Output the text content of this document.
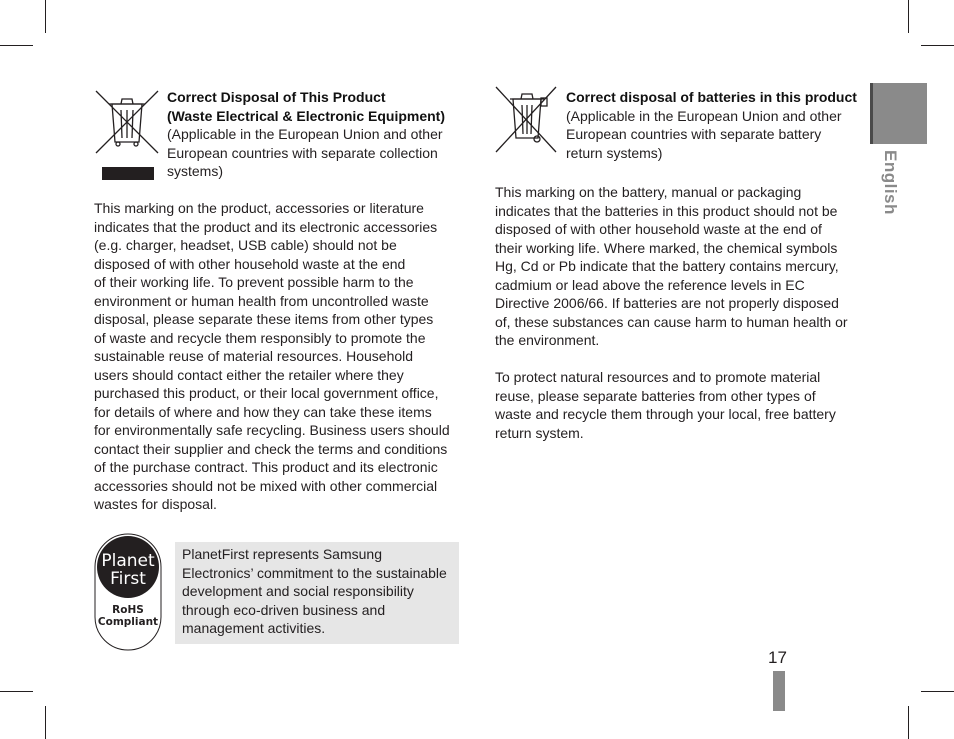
Correct Disposal of This Product

(Waste Electrical & Electronic Equipment)

(Applicable in the European Union and other
European countries with separate collection
systems)

This marking on the product, accessories or literature
indicates that the product and its electronic accessories
(e.g. charger, headset, USB cable) should not be
disposed of with other household waste at the end
of their working life. To prevent possible harm to the
environment or human health from uncontrolled waste
disposal, please separate these items from other types
of waste and recycle them responsibly to promote the
sustainable reuse of material resources. Household
users should contact either the retailer where they
purchased this product, or their local government office,
for details of where and how they can take these items
for environmentally safe recycling. Business users should
contact their supplier and check the terms and conditions
of the purchase contract. This product and its electronic
accessories should not be mixed with other commercial
wastes for disposal.

Correct disposal of batteries in this product

(Applicable in the European Union and other
European countries with separate battery
return systems)

This marking on the battery, manual or packaging
indicates that the batteries in this product should not be
disposed of with other household waste at the end of
their working life. Where marked, the chemical symbols
Hg, Cd or Pb indicate that the battery contains mercury,
cadmium or lead above the reference levels in EC
Directive 2006/66. If batteries are not properly disposed
of, these substances can cause harm to human health or
the environment.

To protect natural resources and to promote material
reuse, please separate batteries from other types of
waste and recycle them through your local, free battery
return system.

Planet
First
RoHS
Compliant

PlanetFirst represents Samsung
Electronics’ commitment to the sustainable
development and social responsibility
through eco-driven business and
management activities.

English
17
